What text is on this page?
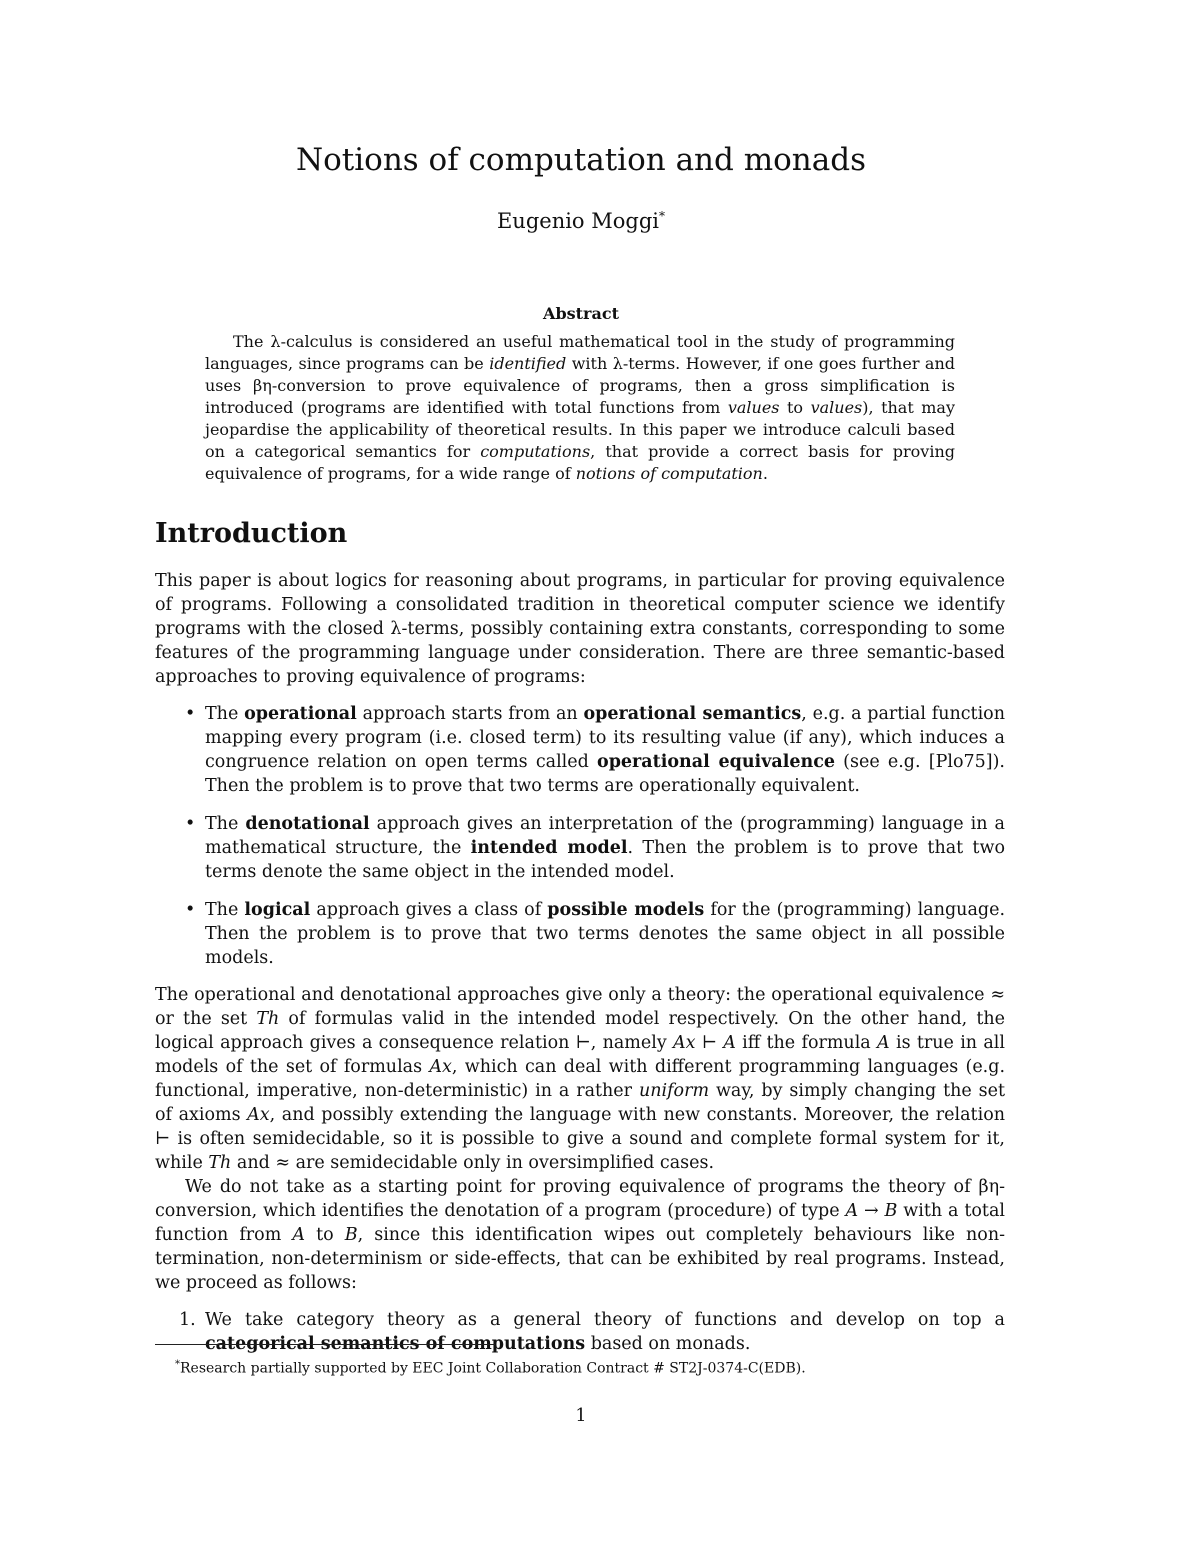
Notions of computation and monads
Eugenio Moggi*
Abstract

The λ-calculus is considered an useful mathematical tool in the study of programming languages, since programs can be identified with λ-terms. However, if one goes further and uses βη-conversion to prove equivalence of programs, then a gross simplification is introduced (programs are identified with total functions from values to values), that may jeopardise the applicability of theoretical results. In this paper we introduce calculi based on a categorical semantics for computations, that provide a correct basis for proving equivalence of programs, for a wide range of notions of computation.

Introduction

This paper is about logics for reasoning about programs, in particular for proving equivalence of programs. Following a consolidated tradition in theoretical computer science we identify programs with the closed λ-terms, possibly containing extra constants, corresponding to some features of the programming language under consideration. There are three semantic-based approaches to proving equivalence of programs:

• The operational approach starts from an operational semantics, e.g. a partial function mapping every program (i.e. closed term) to its resulting value (if any), which induces a congruence relation on open terms called operational equivalence (see e.g. [Plo75]). Then the problem is to prove that two terms are operationally equivalent.
• The denotational approach gives an interpretation of the (programming) language in a mathematical structure, the intended model. Then the problem is to prove that two terms denote the same object in the intended model.
• The logical approach gives a class of possible models for the (programming) language. Then the problem is to prove that two terms denotes the same object in all possible models.

The operational and denotational approaches give only a theory: the operational equivalence ≈ or the set Th of formulas valid in the intended model respectively. On the other hand, the logical approach gives a consequence relation ⊢, namely Ax ⊢ A iff the formula A is true in all models of the set of formulas Ax, which can deal with different programming languages (e.g. functional, imperative, non-deterministic) in a rather uniform way, by simply changing the set of axioms Ax, and possibly extending the language with new constants. Moreover, the relation ⊢ is often semidecidable, so it is possible to give a sound and complete formal system for it, while Th and ≈ are semidecidable only in oversimplified cases.

We do not take as a starting point for proving equivalence of programs the theory of βη-conversion, which identifies the denotation of a program (procedure) of type A → B with a total function from A to B, since this identification wipes out completely behaviours like non-termination, non-determinism or side-effects, that can be exhibited by real programs. Instead, we proceed as follows:

1. We take category theory as a general theory of functions and develop on top a categorical semantics of computations based on monads.
*Research partially supported by EEC Joint Collaboration Contract # ST2J-0374-C(EDB).
1
